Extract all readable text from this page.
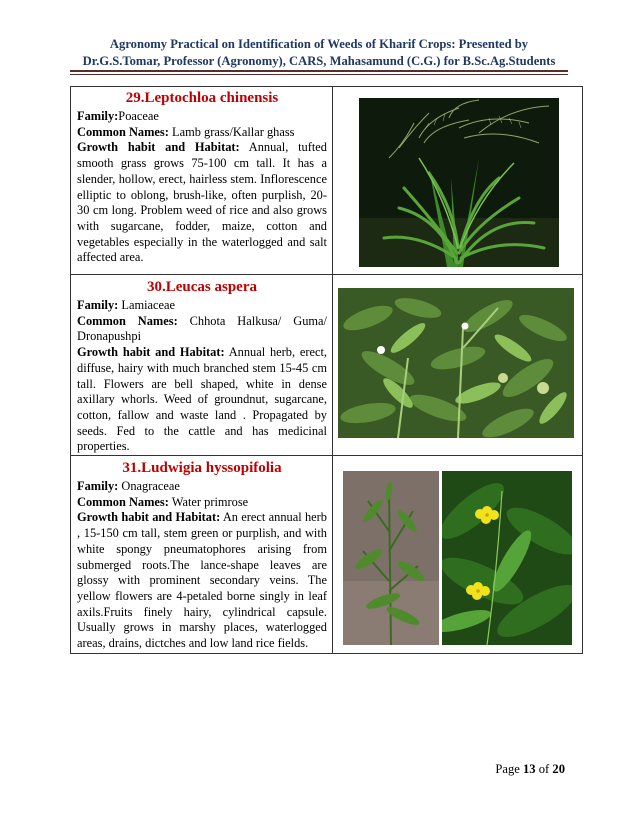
Agronomy Practical on Identification of Weeds of Kharif Crops: Presented by
Dr.G.S.Tomar, Professor (Agronomy), CARS, Mahasamund (C.G.) for B.Sc.Ag.Students
29.Leptochloa chinensis

Family:Poaceae

Common Names: Lamb grass/Kallar ghass

Growth habit and Habitat: Annual, tufted smooth grass grows 75-100 cm tall. It has a slender, hollow, erect, hairless stem. Inflorescence elliptic to oblong, brush-like, often purplish, 20-30 cm long. Problem weed of rice and also grows with sugarcane, fodder, maize, cotton and vegetables especially in the waterlogged and salt affected area.

30.Leucas aspera

Family: Lamiaceae

Common Names: Chhota Halkusa/ Guma/ Dronapushpi

Growth habit and Habitat: Annual herb, erect, diffuse, hairy with much branched stem 15-45 cm tall. Flowers are bell shaped, white in dense axillary whorls. Weed of groundnut, sugarcane, cotton, fallow and waste land . Propagated by seeds. Fed to the cattle and has medicinal properties.

31.Ludwigia hyssopifolia

Family: Onagraceae

Common Names: Water primrose

Growth habit and Habitat: An erect annual herb , 15-150 cm tall, stem green or purplish, and with white spongy pneumatophores arising from submerged roots.The lance-shape leaves are glossy with prominent secondary veins. The yellow flowers are 4-petaled borne singly in leaf axils.Fruits finely hairy, cylindrical capsule. Usually grows in marshy places, waterlogged areas, drains, dictches and low land rice fields.

Page 13 of 20
